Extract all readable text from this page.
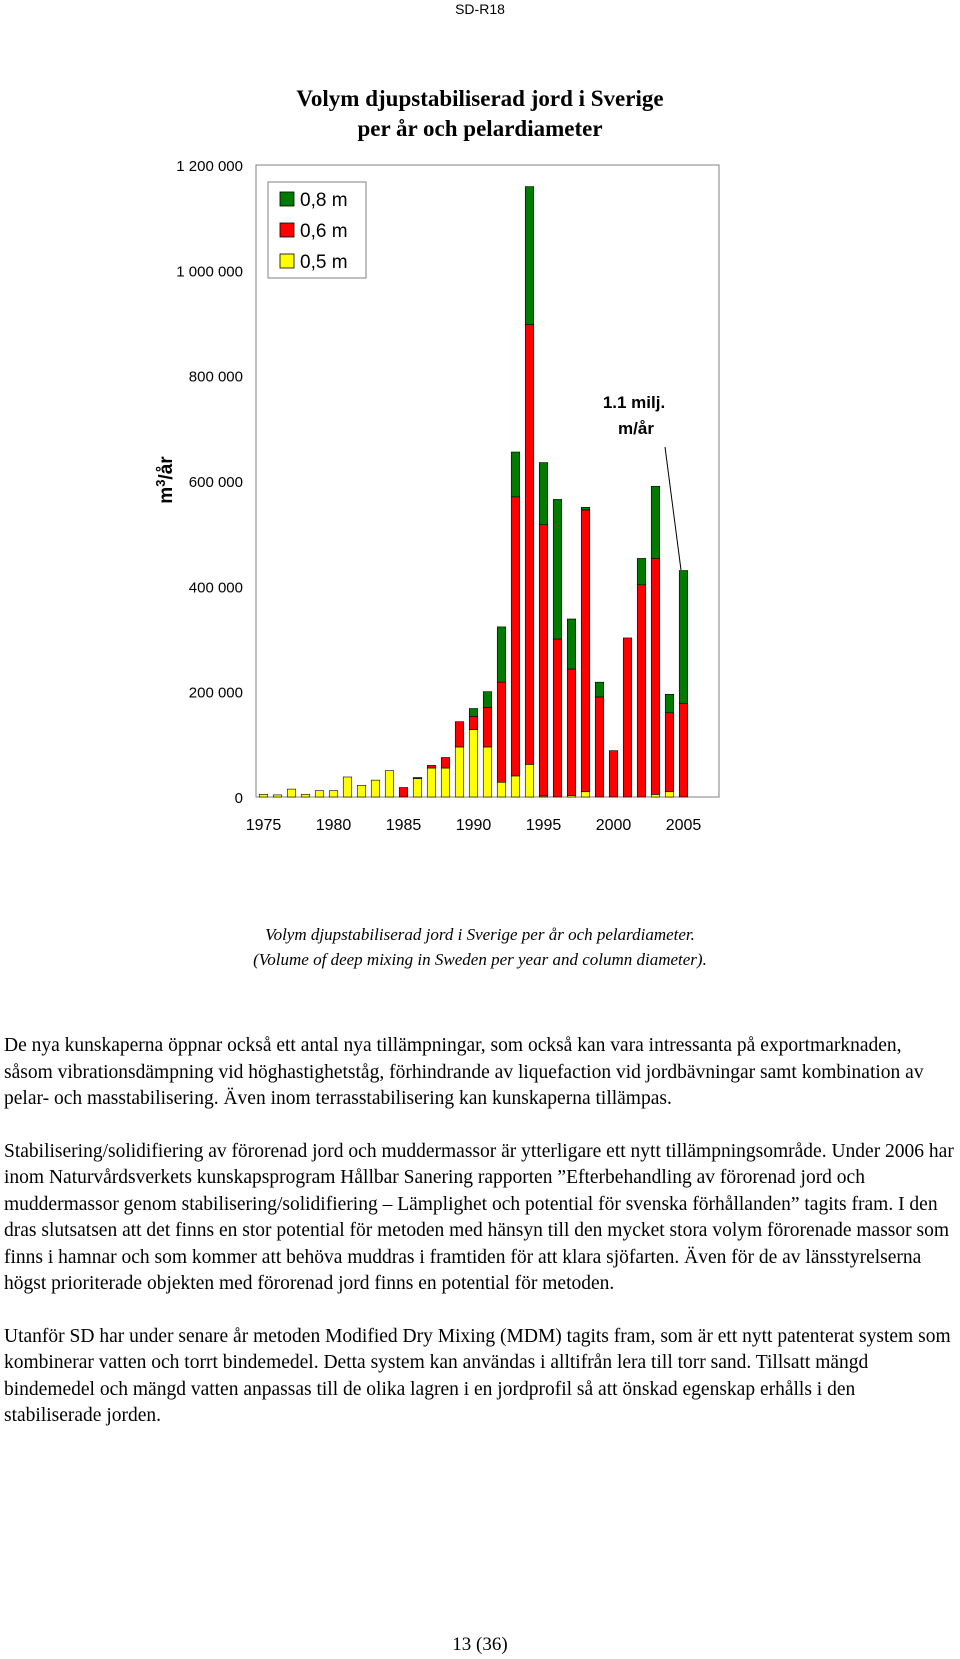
SD-R18
Volym djupstabiliserad jord i Sverige
per år och pelardiameter
0
200 000
400 000
600 000
800 000
1 000 000
1 200 000
$m^3/år$
1975 1980 1985 1990 1995 2000 2005
0,8 m
0,6 m
0,5 m
1.1 milj.
m/år
Volym djupstabiliserad jord i Sverige per år och pelardiameter.
(Volume of deep mixing in Sweden per year and column diameter).

De nya kunskaperna öppnar också ett antal nya tillämpningar, som också kan vara intressanta på exportmarknaden, såsom vibrationsdämpning vid höghastighetståg, förhindrande av liquefaction vid jordbävningar samt kombination av pelar- och masstabilisering. Även inom terrasstabilisering kan kunskaperna tillämpas.

Stabilisering/solidifiering av förorenad jord och muddermassor är ytterligare ett nytt tillämpningsområde. Under 2006 har inom Naturvårdsverkets kunskapsprogram Hållbar Sanering rapporten ”Efterbehandling av förorenad jord och muddermassor genom stabilisering/solidifiering – Lämplighet och potential för svenska förhållanden” tagits fram. I den dras slutsatsen att det finns en stor potential för metoden med hänsyn till den mycket stora volym förorenade massor som finns i hamnar och som kommer att behöva muddras i framtiden för att klara sjöfarten. Även för de av länsstyrelserna högst prioriterade objekten med förorenad jord finns en potential för metoden.

Utanför SD har under senare år metoden Modified Dry Mixing (MDM) tagits fram, som är ett nytt patenterat system som kombinerar vatten och torrt bindemedel. Detta system kan användas i alltifrån lera till torr sand. Tillsatt mängd bindemedel och mängd vatten anpassas till de olika lagren i en jordprofil så att önskad egenskap erhålls i den stabiliserade jorden.

13 (36)
